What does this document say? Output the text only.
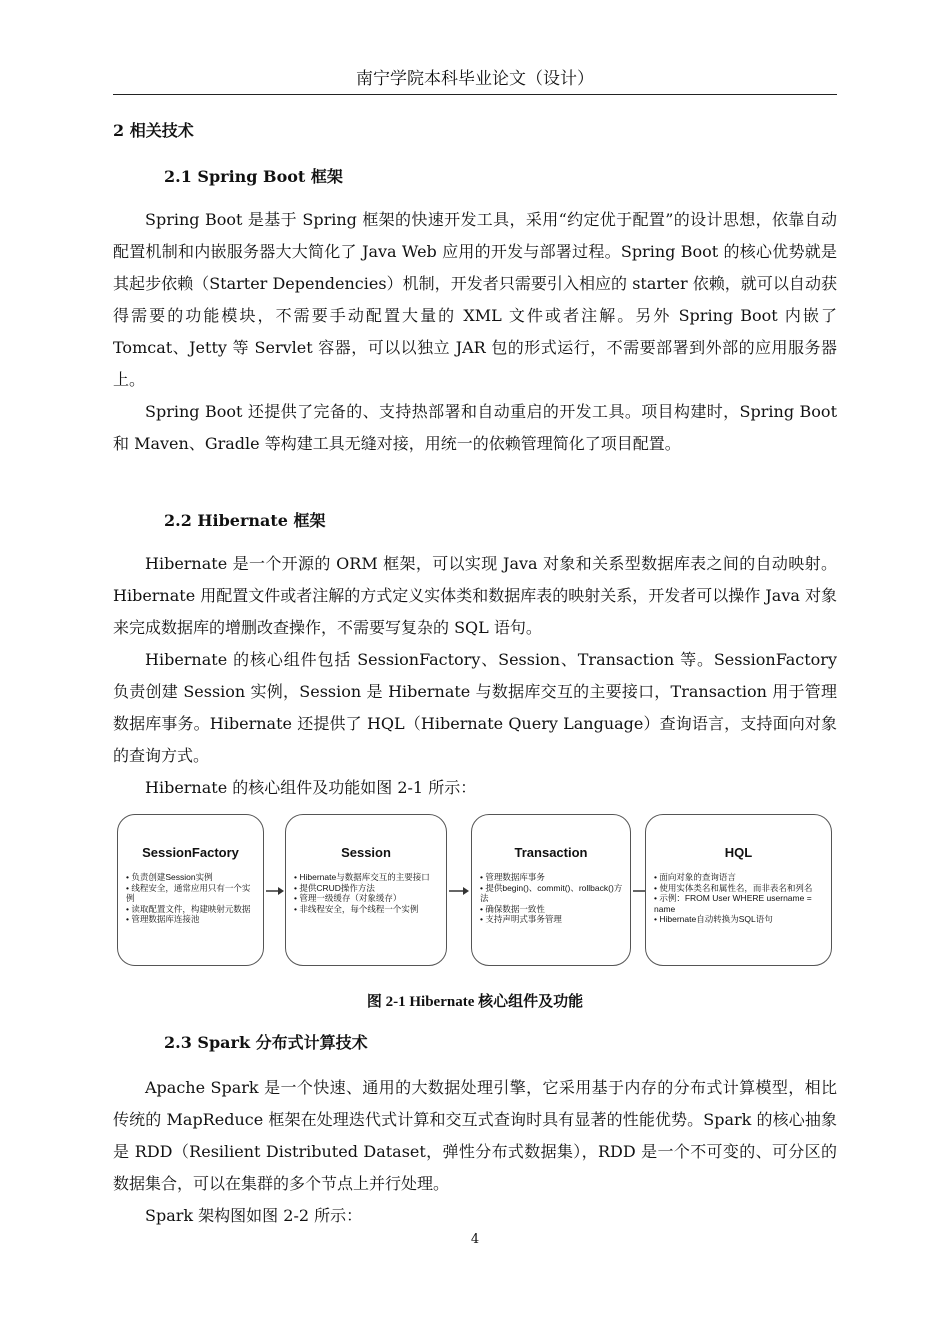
南宁学院本科毕业论文（设计）
2 相关技术
2.1 Spring Boot 框架

Spring Boot 是基于 Spring 框架的快速开发工具，采用“约定优于配置”的设计思想，依靠自动配置机制和内嵌服务器大大简化了 Java Web 应用的开发与部署过程。Spring Boot 的核心优势就是其起步依赖（Starter Dependencies）机制，开发者只需要引入相应的 starter 依赖，就可以自动获得需要的功能模块，不需要手动配置大量的 XML 文件或者注解。另外 Spring Boot 内嵌了 Tomcat、Jetty 等 Servlet 容器，可以以独立 JAR 包的形式运行，不需要部署到外部的应用服务器上。

Spring Boot 还提供了完备的、支持热部署和自动重启的开发工具。项目构建时，Spring Boot 和 Maven、Gradle 等构建工具无缝对接，用统一的依赖管理简化了项目配置。

2.2 Hibernate 框架

Hibernate 是一个开源的 ORM 框架，可以实现 Java 对象和关系型数据库表之间的自动映射。Hibernate 用配置文件或者注解的方式定义实体类和数据库表的映射关系，开发者可以操作 Java 对象来完成数据库的增删改查操作，不需要写复杂的 SQL 语句。

Hibernate 的核心组件包括 SessionFactory、Session、Transaction 等。SessionFactory 负责创建 Session 实例，Session 是 Hibernate 与数据库交互的主要接口，Transaction 用于管理数据库事务。Hibernate 还提供了 HQL（Hibernate Query Language）查询语言，支持面向对象的查询方式。

Hibernate 的核心组件及功能如图 2-1 所示：

SessionFactory
• 负责创建Session实例
• 线程安全，通常应用只有一个实例
• 读取配置文件，构建映射元数据
• 管理数据库连接池
Session
• Hibernate与数据库交互的主要接口
• 提供CRUD操作方法
• 管理一级缓存（对象缓存）
• 非线程安全，每个线程一个实例
Transaction
• 管理数据库事务
• 提供begin()、commit()、rollback()方法
• 确保数据一致性
• 支持声明式事务管理
HQL
• 面向对象的查询语言
• 使用实体类名和属性名，而非表名和列名
• 示例：FROM User WHERE username = name
• Hibernate自动转换为SQL语句
图 2-1 Hibernate 核心组件及功能
2.3 Spark 分布式计算技术

Apache Spark 是一个快速、通用的大数据处理引擎，它采用基于内存的分布式计算模型，相比传统的 MapReduce 框架在处理迭代式计算和交互式查询时具有显著的性能优势。Spark 的核心抽象是 RDD（Resilient Distributed Dataset，弹性分布式数据集），RDD 是一个不可变的、可分区的数据集合，可以在集群的多个节点上并行处理。

Spark 架构图如图 2-2 所示：

4
